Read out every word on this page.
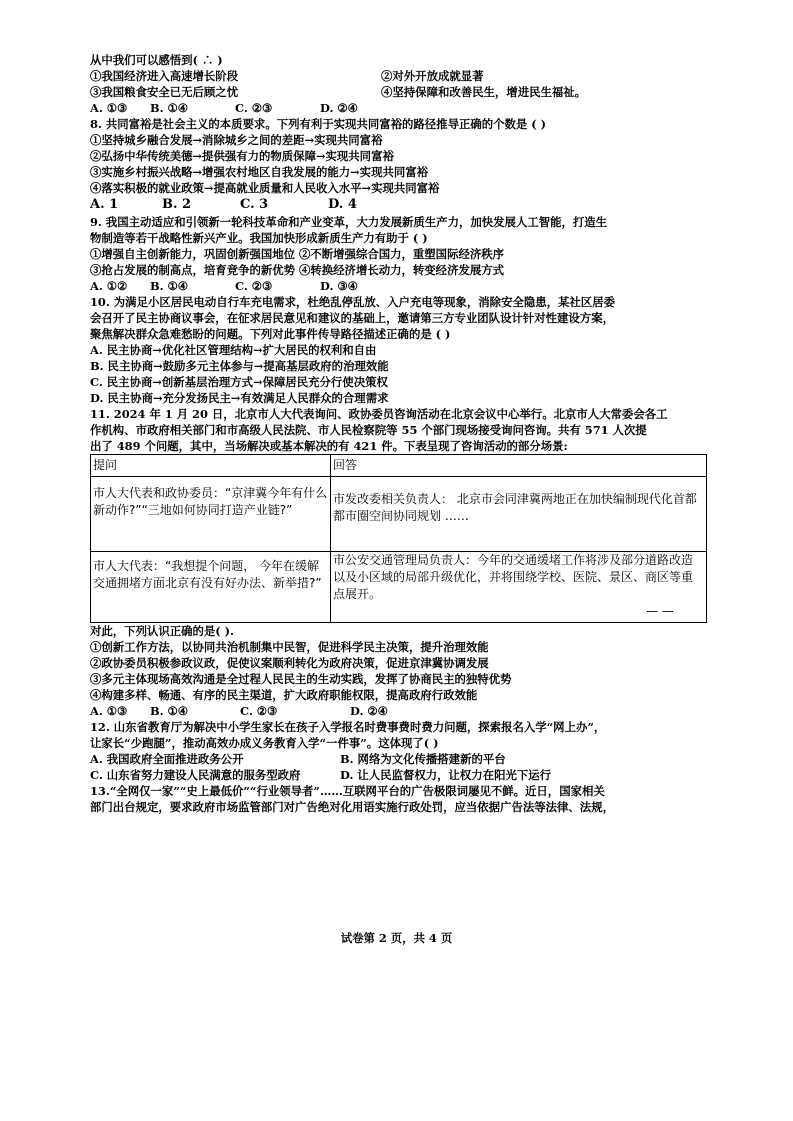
从中我们可以感悟到( ∴ )
①我国经济进入高速增长阶段	②对外开放成就显著
③我国粮食安全已无后顾之忧	④坚持保障和改善民生，增进民生福祉。
A. ①③	B. ①④	C. ②③	D. ②④
8. 共同富裕是社会主义的本质要求。下列有利于实现共同富裕的路径推导正确的个数是 ( )
①坚持城乡融合发展→消除城乡之间的差距→实现共同富裕
②弘扬中华传统美德→提供强有力的物质保障→实现共同富裕
③实施乡村振兴战略→增强农村地区自我发展的能力→实现共同富裕
④落实积极的就业政策→提高就业质量和人民收入水平→实现共同富裕
A. 1	B. 2	C. 3	D. 4
9. 我国主动适应和引领新一轮科技革命和产业变革，大力发展新质生产力，加快发展人工智能，打造生
物制造等若干战略性新兴产业。我国加快形成新质生产力有助于 ( )
①增强自主创新能力，巩固创新强国地位 ②不断增强综合国力，重塑国际经济秩序
③抢占发展的制高点，培育竞争的新优势 ④转换经济增长动力，转变经济发展方式
A. ①②	B. ①④	C. ②③	D. ③④
10. 为满足小区居民电动自行车充电需求，杜绝乱停乱放、入户充电等现象，消除安全隐患，某社区居委
会召开了民主协商议事会，在征求居民意见和建议的基础上，邀请第三方专业团队设计针对性建设方案，
聚焦解决群众急难愁盼的问题。下列对此事件传导路径描述正确的是 ( )
A. 民主协商→优化社区管理结构→扩大居民的权利和自由
B. 民主协商→鼓励多元主体参与→提高基层政府的治理效能
C. 民主协商→创新基层治理方式→保障居民充分行使决策权
D. 民主协商→充分发扬民主→有效满足人民群众的合理需求
11. 2024 年 1 月 20 日，北京市人大代表询问、政协委员咨询活动在北京会议中心举行。北京市人大常委会各工
作机构、市政府相关部门和市高级人民法院、市人民检察院等 55 个部门现场接受询问咨询。共有 571 人次提
出了 489 个问题，其中，当场解决或基本解决的有 421 件。下表呈现了咨询活动的部分场景:
提问	回答
市人大代表和政协委员：“京津冀今年有什么新动作?”“三地如何协同打造产业链?”	市发改委相关负责人： 北京市会同津冀两地正在加快编制现代化首都都市圈空间协同规划 ……
市人大代表：“我想提个问题， 今年在缓解交通拥堵方面北京有没有好办法、新举措?”	市公安交通管理局负责人：今年的交通缓堵工作将涉及部分道路改造以及小区域的局部升级优化，并将围绕学校、医院、景区、商区等重点展开。
— —
对此，下列认识正确的是( ).
①创新工作方法，以协同共治机制集中民智，促进科学民主决策，提升治理效能
②政协委员积极参政议政，促使议案顺利转化为政府决策，促进京津冀协调发展
③多元主体现场高效沟通是全过程人民民主的生动实践，发挥了协商民主的独特优势
④构建多样、畅通、有序的民主渠道，扩大政府职能权限，提高政府行政效能
A. ①③	B. ①④	C. ②③	D. ②④
12. 山东省教育厅为解决中小学生家长在孩子入学报名时费事费时费力问题，探索报名入学“网上办”，
让家长“少跑腿”，推动高效办成义务教育入学“一件事”。这体现了( )
A. 我国政府全面推进政务公开	B. 网络为文化传播搭建新的平台
C. 山东省努力建设人民满意的服务型政府	D. 让人民监督权力，让权力在阳光下运行
13.“全网仅一家”“史上最低价”“行业领导者”……互联网平台的广告极限词屡见不鲜。近日，国家相关
部门出台规定，要求政府市场监管部门对广告绝对化用语实施行政处罚，应当依据广告法等法律、法规，
试卷第 2 页，共 4 页
